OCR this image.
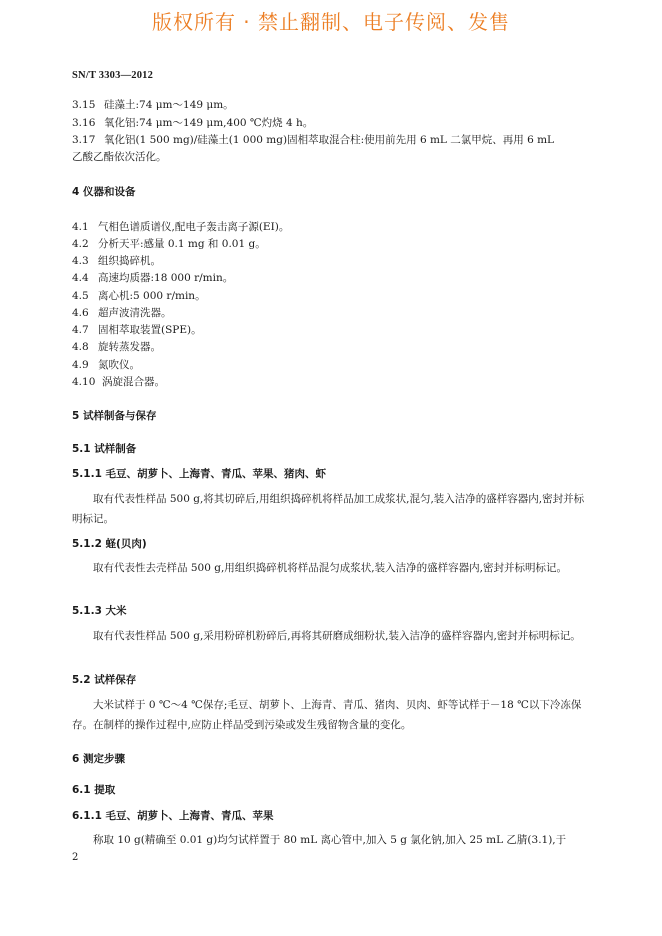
版权所有 · 禁止翻制、电子传阅、发售
SN/T 3303—2012
3.15 硅藻土:74 μm～149 μm。
3.16 氧化铝:74 μm～149 μm,400 ℃灼烧 4 h。
3.17 氧化铝(1 500 mg)/硅藻土(1 000 mg)固相萃取混合柱:使用前先用 6 mL 二氯甲烷、再用 6 mL
乙酸乙酯依次活化。
4 仪器和设备
4.1 气相色谱质谱仪,配电子轰击离子源(EI)。
4.2 分析天平:感量 0.1 mg 和 0.01 g。
4.3 组织捣碎机。
4.4 高速均质器:18 000 r/min。
4.5 离心机:5 000 r/min。
4.6 超声波清洗器。
4.7 固相萃取装置(SPE)。
4.8 旋转蒸发器。
4.9 氮吹仪。
4.10 涡旋混合器。
5 试样制备与保存
5.1 试样制备
5.1.1 毛豆、胡萝卜、上海青、青瓜、苹果、猪肉、虾
取有代表性样品 500 g,将其切碎后,用组织捣碎机将样品加工成浆状,混匀,装入洁净的盛样容器内,密封并标明标记。
5.1.2 蛏(贝肉)
取有代表性去壳样品 500 g,用组织捣碎机将样品混匀成浆状,装入洁净的盛样容器内,密封并标明标记。
5.1.3 大米
取有代表性样品 500 g,采用粉碎机粉碎后,再将其研磨成细粉状,装入洁净的盛样容器内,密封并标明标记。
5.2 试样保存
大米试样于 0 ℃～4 ℃保存;毛豆、胡萝卜、上海青、青瓜、猪肉、贝肉、虾等试样于－18 ℃以下冷冻保存。在制样的操作过程中,应防止样品受到污染或发生残留物含量的变化。
6 测定步骤
6.1 提取
6.1.1 毛豆、胡萝卜、上海青、青瓜、苹果
称取 10 g(精确至 0.01 g)均匀试样置于 80 mL 离心管中,加入 5 g 氯化钠,加入 25 mL 乙腈(3.1),于
2
